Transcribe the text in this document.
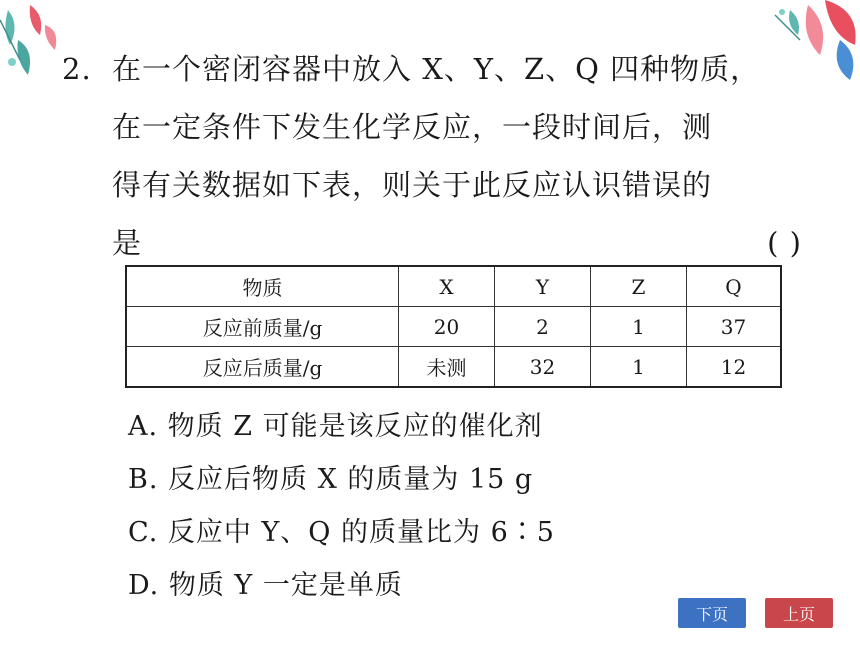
2. 在一个密闭容器中放入 X、Y、Z、Q 四种物质，
在一定条件下发生化学反应，一段时间后，测
得有关数据如下表，则关于此反应认识错误的
是	( )
物质	X	Y	Z	Q
反应前质量/g	20	2	1	37
反应后质量/g	未测	32	1	12
A. 物质 Z 可能是该反应的催化剂
B. 反应后物质 X 的质量为 15 g
C. 反应中 Y、Q 的质量比为 6∶5
D. 物质 Y 一定是单质
下页	上页
